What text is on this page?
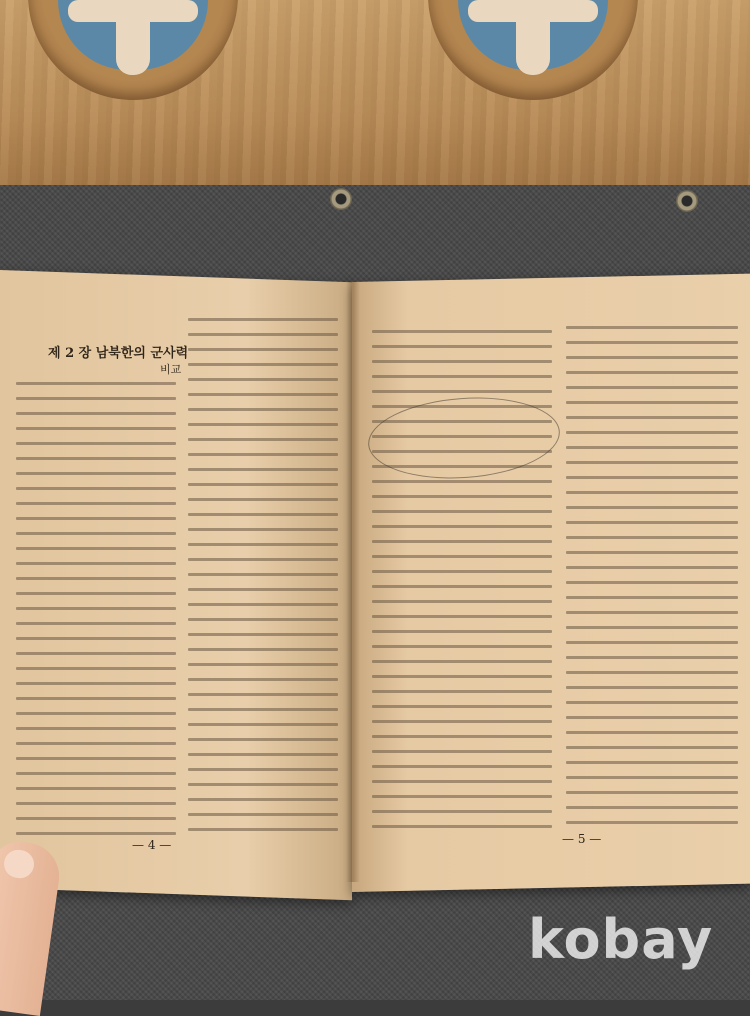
제 2 장 남북한의 군사력
비교
— 4 —	— 5 —
kobay
